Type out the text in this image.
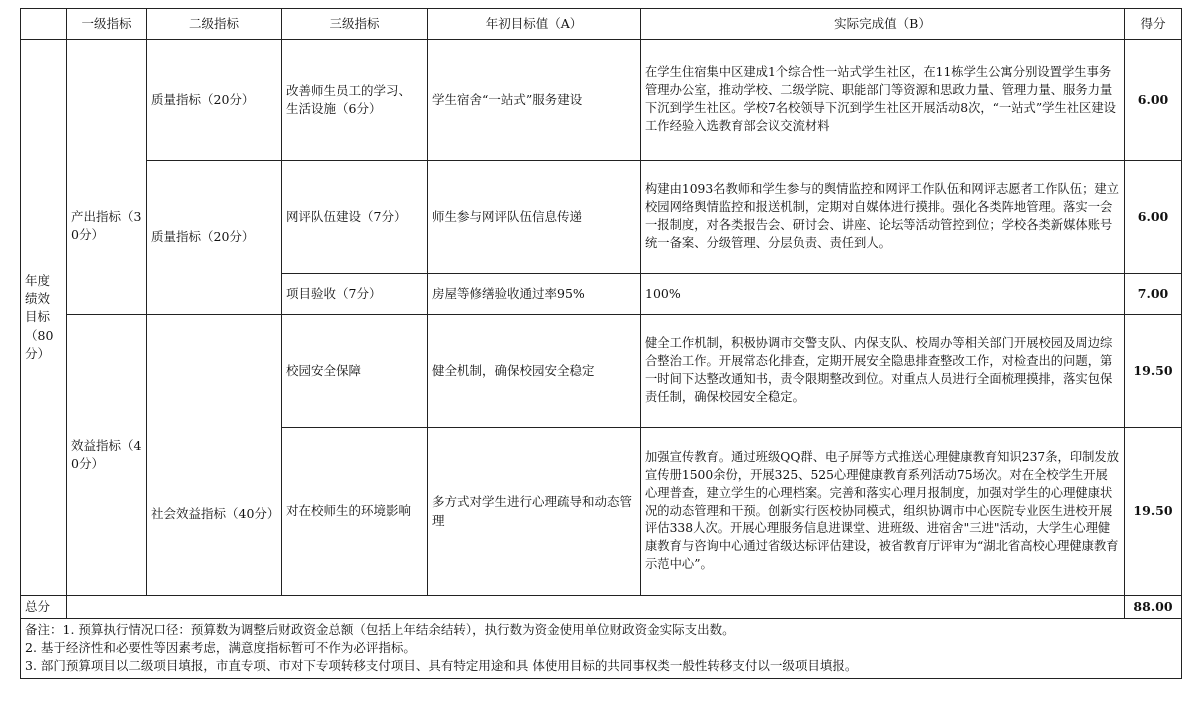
	一级指标	二级指标	三级指标	年初目标值（A）	实际完成值（B）	得分
年度绩效目标（80分）	产出指标（30分）	质量指标（20分）	改善师生员工的学习、生活设施（6分）	学生宿舍“一站式”服务建设	在学生住宿集中区建成1个综合性一站式学生社区，在11栋学生公寓分别设置学生事务管理办公室，推动学校、二级学院、职能部门等资源和思政力量、管理力量、服务力量下沉到学生社区。学校7名校领导下沉到学生社区开展活动8次，“一站式”学生社区建设工作经验入选教育部会议交流材料	6.00
		质量指标（20分）	网评队伍建设（7分）	师生参与网评队伍信息传递	构建由1093名教师和学生参与的舆情监控和网评工作队伍和网评志愿者工作队伍；建立校园网络舆情监控和报送机制，定期对自媒体进行摸排。强化各类阵地管理。落实一会一报制度，对各类报告会、研讨会、讲座、论坛等活动管控到位；学校各类新媒体账号统一备案、分级管理、分层负责、责任到人。	6.00
			项目验收（7分）	房屋等修缮验收通过率95%	100%	7.00
	效益指标（40分）	社会效益指标（40分）	校园安全保障	健全机制，确保校园安全稳定	健全工作机制，积极协调市交警支队、内保支队、校周办等相关部门开展校园及周边综合整治工作。开展常态化排查，定期开展安全隐患排查整改工作，对检查出的问题，第一时间下达整改通知书，责令限期整改到位。对重点人员进行全面梳理摸排，落实包保责任制，确保校园安全稳定。	19.50
			对在校师生的环境影响	多方式对学生进行心理疏导和动态管理	加强宣传教育。通过班级QQ群、电子屏等方式推送心理健康教育知识237条，印制发放宣传册1500余份，开展325、525心理健康教育系列活动75场次。对在全校学生开展心理普查，建立学生的心理档案。完善和落实心理月报制度，加强对学生的心理健康状况的动态管理和干预。创新实行医校协同模式，组织协调市中心医院专业医生进校开展评估338人次。开展心理服务信息进课堂、进班级、进宿舍"三进"活动，大学生心理健康教育与咨询中心通过省级达标评估建设，被省教育厅评审为“湖北省高校心理健康教育示范中心”。	19.50
总分						88.00

备注：1. 预算执行情况口径：预算数为调整后财政资金总额（包括上年结余结转），执行数为资金使用单位财政资金实际支出数。
2. 基于经济性和必要性等因素考虑，满意度指标暂可不作为必评指标。
3. 部门预算项目以二级项目填报，市直专项、市对下专项转移支付项目、具有特定用途和具 体使用目标的共同事权类一般性转移支付以一级项目填报。						
